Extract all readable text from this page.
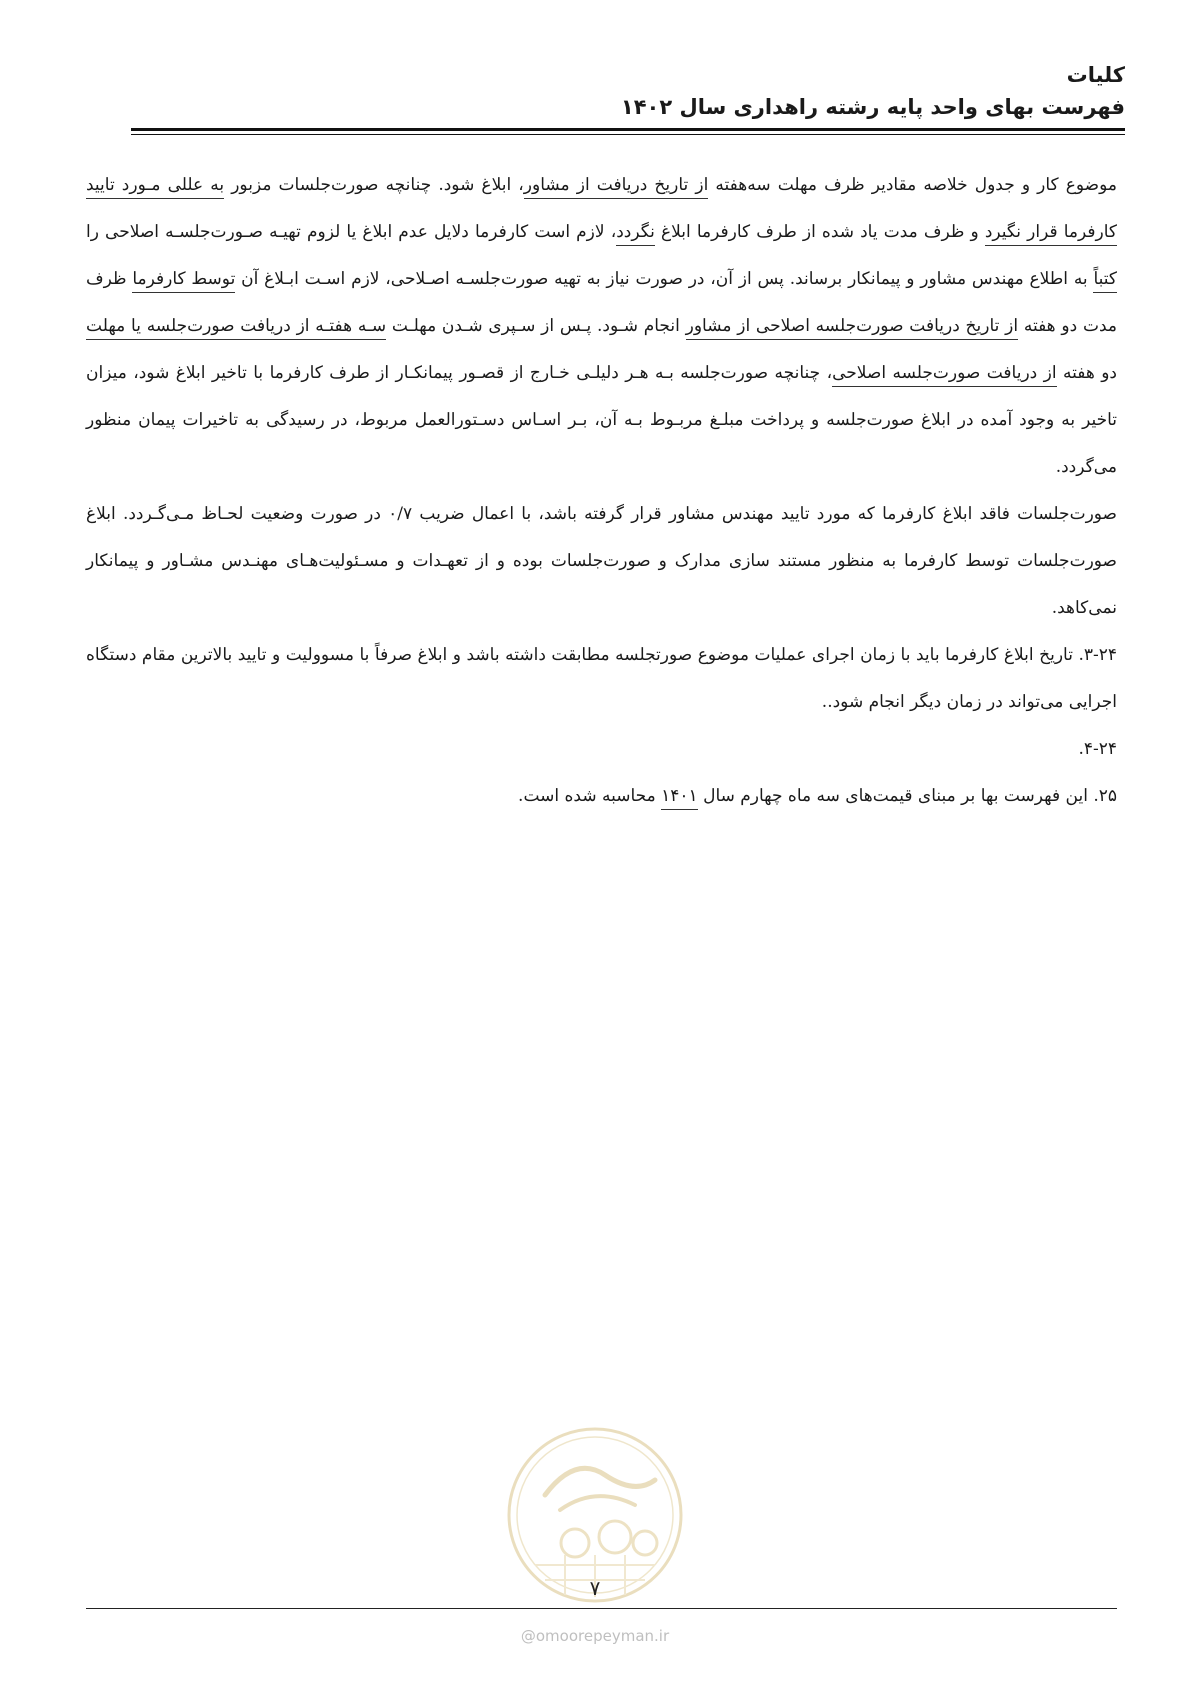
کلیات
فهرست بهای واحد پایه رشته راهداری سال ۱۴۰۲

موضوع کار و جدول خلاصه مقادیر ظرف مهلت سه‌هفته از تاریخ دریافت از مشاور، ابلاغ شود. چنانچه صورت‌جلسات مزبور به عللی مـورد تایید کارفرما قرار نگیرد و ظرف مدت یاد شده از طرف کارفرما ابلاغ نگردد، لازم است کارفرما دلایل عدم ابلاغ یا لزوم تهیـه صـورت‌جلسـه اصلاحی را کتباً به اطلاع مهندس مشاور و پیمانکار برساند. پس از آن، در صورت نیاز به تهیه صورت‌جلسـه اصـلاحی، لازم اسـت ابـلاغ آن توسط کارفرما ظرف مدت دو هفته از تاریخ دریافت صورت‌جلسه اصلاحی از مشاور انجام شـود. پـس از سـپری شـدن مهلـت سـه هفتـه از دریافت صورت‌جلسه یا مهلت دو هفته از دریافت صورت‌جلسه اصلاحی، چنانچه صورت‌جلسه بـه هـر دلیلـی خـارج از قصـور پیمانکـار از طرف کارفرما با تاخیر ابلاغ شود، میزان تاخیر به وجود آمده در ابلاغ صورت‌جلسه و پرداخت مبلـغ مربـوط بـه آن، بـر اسـاس دسـتورالعمل مربوط، در رسیدگی به تاخیرات پیمان منظور می‌گردد.

صورت‌جلسات فاقد ابلاغ کارفرما که مورد تایید مهندس مشاور قرار گرفته باشد، با اعمال ضریب ۰/۷ در صورت وضعیت لحـاظ مـی‌گـردد. ابلاغ صورت‌جلسات توسط کارفرما به منظور مستند سازی مدارک و صورت‌جلسات بوده و از تعهـدات و مسـئولیت‌هـای مهنـدس مشـاور و پیمانکار نمی‌کاهد.

۳-۲۴. تاریخ ابلاغ کارفرما باید با زمان اجرای عملیات موضوع صورتجلسه مطابقت داشته باشد و ابلاغ صرفاً با مسوولیت و تایید بالاترین مقام دستگاه اجرایی می‌تواند در زمان دیگر انجام شود..

۴-۲۴.

۲۵. این فهرست بها بر مبنای قیمت‌های سه ماه چهارم سال ۱۴۰۱ محاسبه شده است.

۷
@omoorepeyman.ir
